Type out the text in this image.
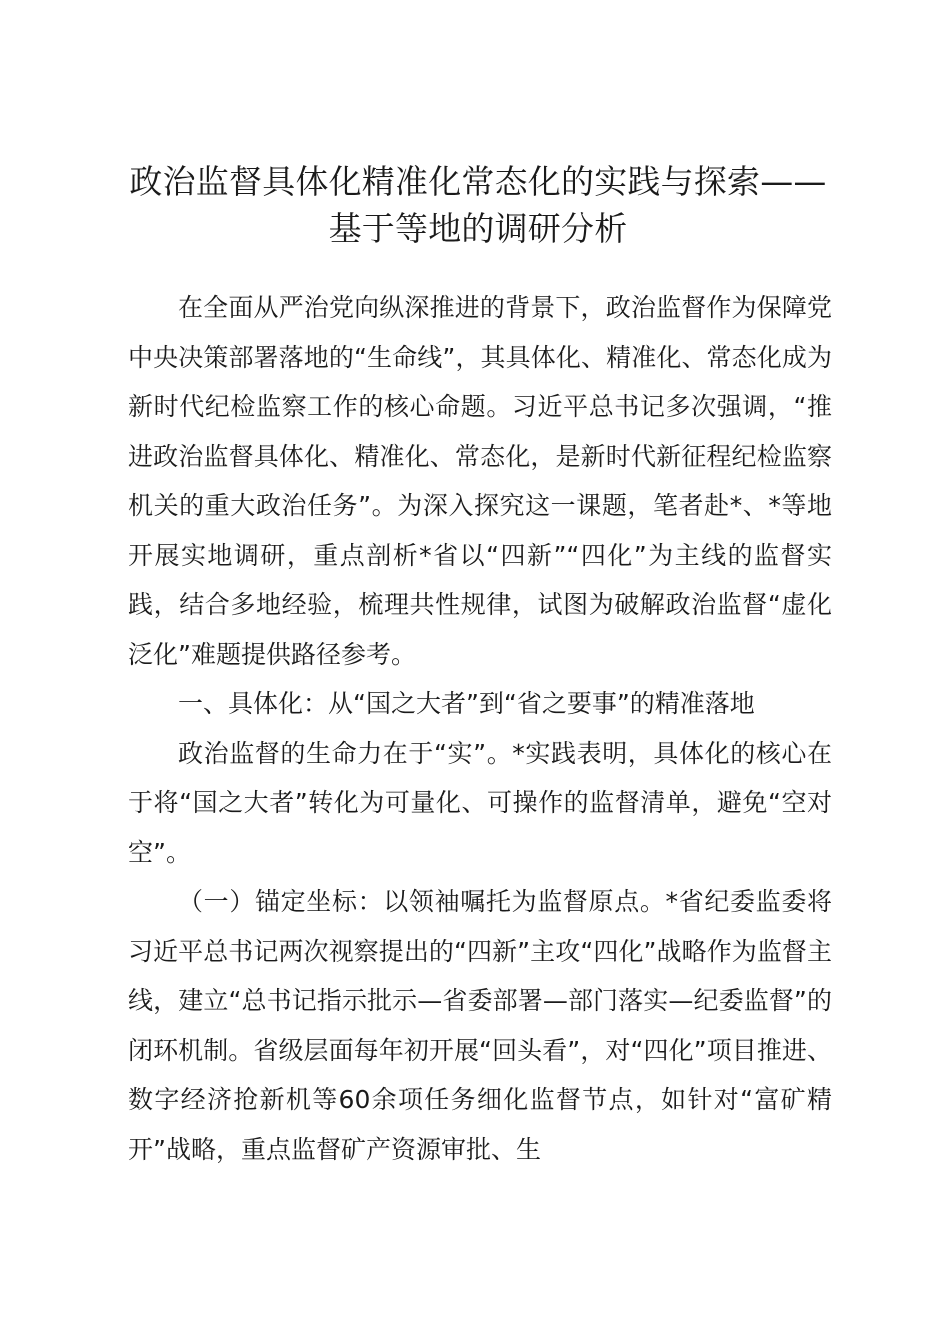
政治监督具体化精准化常态化的实践与探索——基于等地的调研分析

在全面从严治党向纵深推进的背景下，政治监督作为保障党中央决策部署落地的“生命线”，其具体化、精准化、常态化成为新时代纪检监察工作的核心命题。习近平总书记多次强调，“推进政治监督具体化、精准化、常态化，是新时代新征程纪检监察机关的重大政治任务”。为深入探究这一课题，笔者赴*、*等地开展实地调研，重点剖析*省以“四新”“四化”为主线的监督实践，结合多地经验，梳理共性规律，试图为破解政治监督“虚化泛化”难题提供路径参考。

一、具体化：从“国之大者”到“省之要事”的精准落地

政治监督的生命力在于“实”。*实践表明，具体化的核心在于将“国之大者”转化为可量化、可操作的监督清单，避免“空对空”。

（一）锚定坐标：以领袖嘱托为监督原点。*省纪委监委将习近平总书记两次视察提出的“四新”主攻“四化”战略作为监督主线，建立“总书记指示批示—省委部署—部门落实—纪委监督”的闭环机制。省级层面每年初开展“回头看”，对“四化”项目推进、数字经济抢新机等60余项任务细化监督节点，如针对“富矿精开”战略，重点监督矿产资源审批、生
